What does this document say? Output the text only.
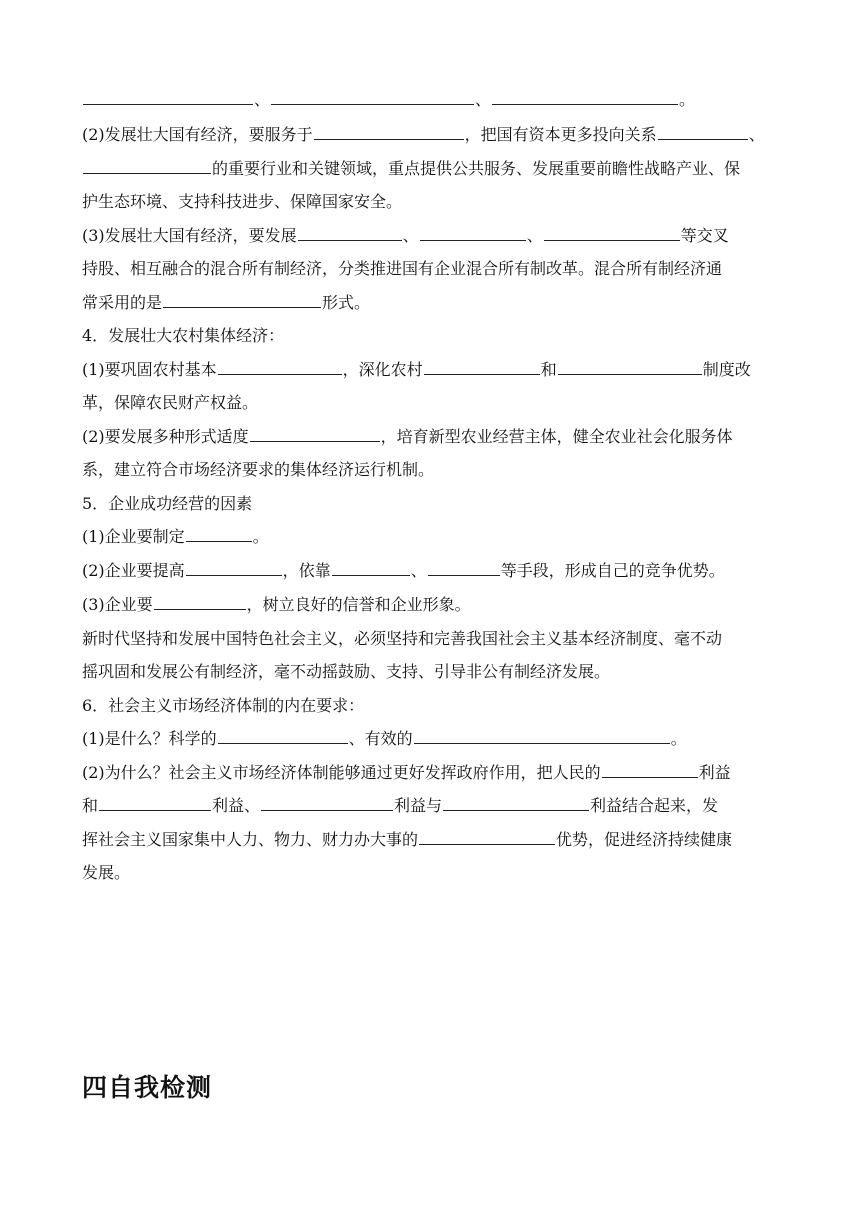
、	、	。
(2)发展壮大国有经济，要服务于	，把国有资本更多投向关系	、
的重要行业和关键领域，重点提供公共服务、发展重要前瞻性战略产业、保
护生态环境、支持科技进步、保障国家安全。
(3)发展壮大国有经济，要发展	、	、	等交叉
持股、相互融合的混合所有制经济，分类推进国有企业混合所有制改革。混合所有制经济通
常采用的是	形式。
4．发展壮大农村集体经济：
(1)要巩固农村基本	，深化农村	和	制度改
革，保障农民财产权益。
(2)要发展多种形式适度	，培育新型农业经营主体，健全农业社会化服务体
系，建立符合市场经济要求的集体经济运行机制。
5．企业成功经营的因素
(1)企业要制定	。
(2)企业要提高	，依靠	、	等手段，形成自己的竞争优势。
(3)企业要	，树立良好的信誉和企业形象。
新时代坚持和发展中国特色社会主义，必须坚持和完善我国社会主义基本经济制度、毫不动
摇巩固和发展公有制经济，毫不动摇鼓励、支持、引导非公有制经济发展。
6．社会主义市场经济体制的内在要求：
(1)是什么？科学的	、有效的	。
(2)为什么？社会主义市场经济体制能够通过更好发挥政府作用，把人民的	利益
和	利益、	利益与	利益结合起来，发
挥社会主义国家集中人力、物力、财力办大事的	优势，促进经济持续健康
发展。
四自我检测
